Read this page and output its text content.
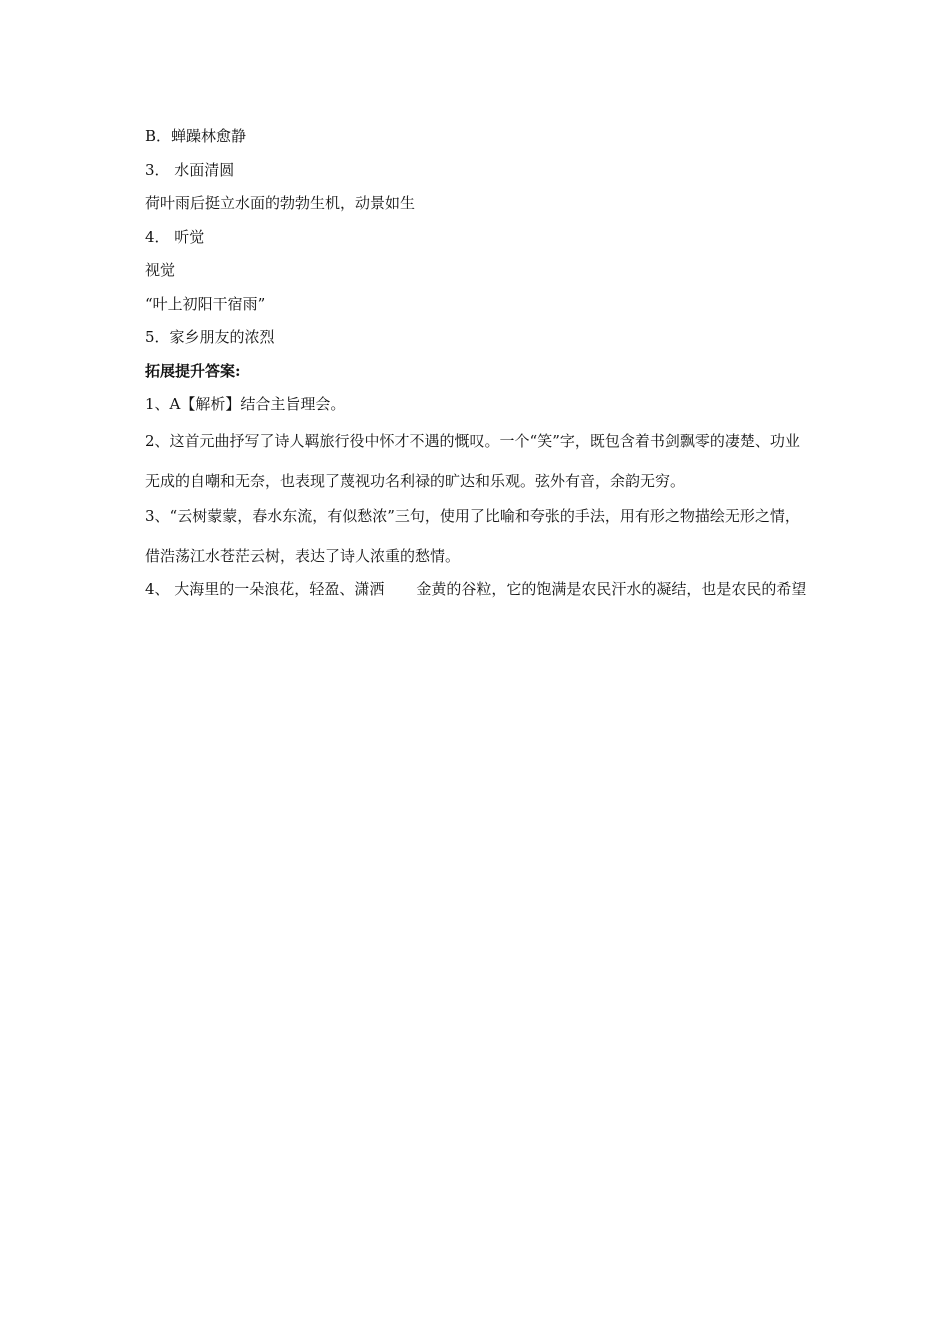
B．蝉躁林愈静
3． 水面清圆
荷叶雨后挺立水面的勃勃生机，动景如生
4． 听觉
视觉
“叶上初阳干宿雨”
5．家乡朋友的浓烈
拓展提升答案:
1、A【解析】结合主旨理会。
2、这首元曲抒写了诗人羁旅行役中怀才不遇的慨叹。一个“笑”字，既包含着书剑飘零的凄楚、功业无成的自嘲和无奈，也表现了蔑视功名利禄的旷达和乐观。弦外有音，余韵无穷。
3、“云树蒙蒙，春水东流，有似愁浓”三句，使用了比喻和夸张的手法，用有形之物描绘无形之情，借浩荡江水苍茫云树，表达了诗人浓重的愁情。
4、 大海里的一朵浪花，轻盈、潇洒 金黄的谷粒，它的饱满是农民汗水的凝结，也是农民的希望
